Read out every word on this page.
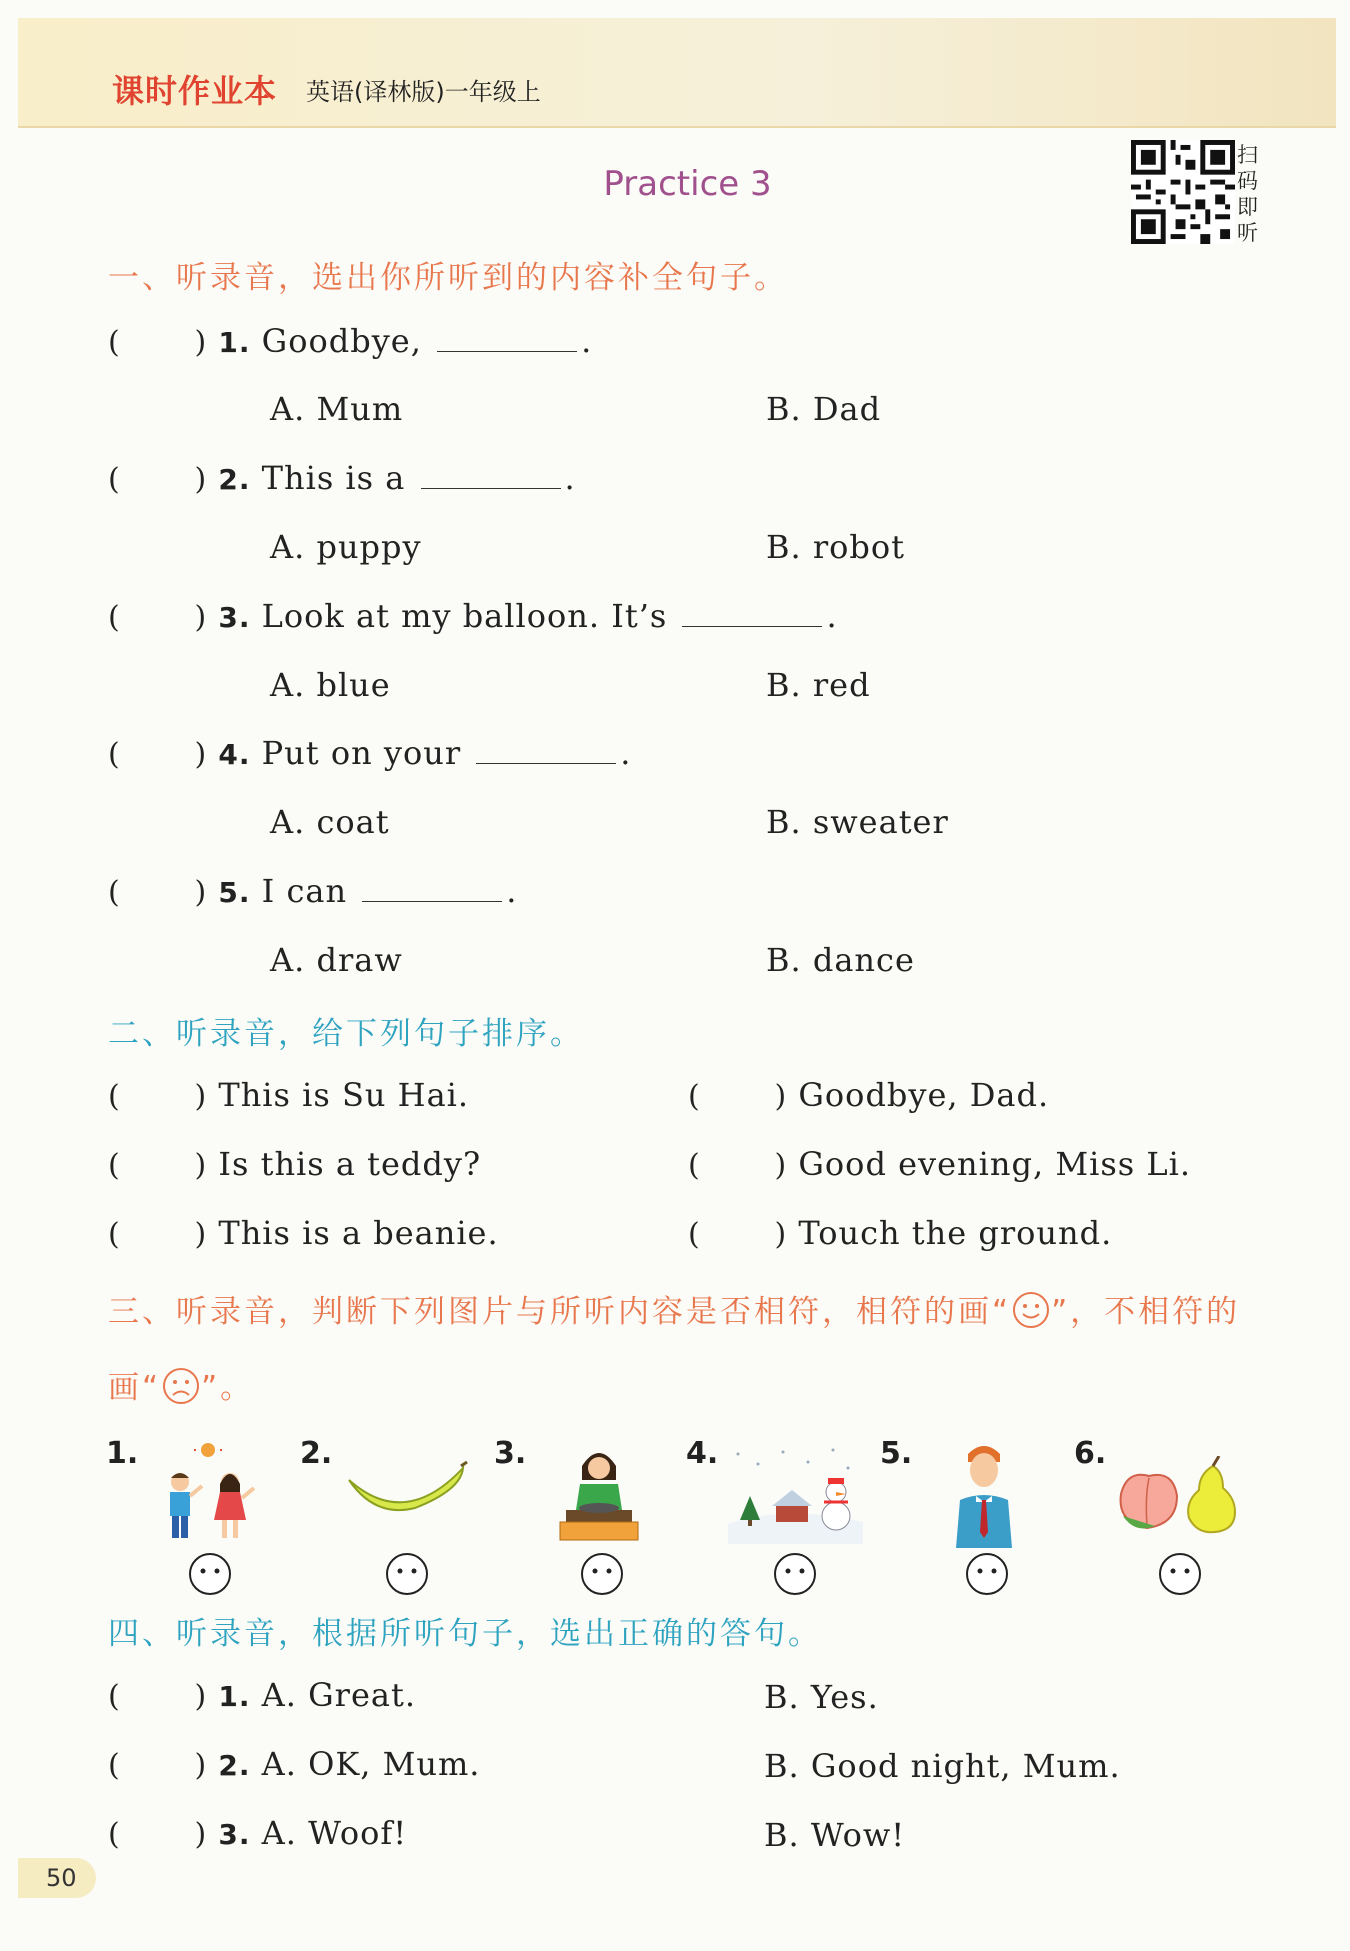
课时作业本 英语(译林版)一年级上
Practice 3
扫
码
即
听
一、听录音，选出你所听到的内容补全句子。
(       ) 1. Goodbye,	.
A. Mum	B. Dad
(       ) 2. This is a	.
A. puppy	B. robot
(       ) 3. Look at my balloon. It’s	.
A. blue	B. red
(       ) 4. Put on your	.
A. coat	B. sweater
(       ) 5. I can	.
A. draw	B. dance
二、听录音，给下列句子排序。
(       ) This is Su Hai.	(       ) Goodbye, Dad.
(       ) Is this a teddy?	(       ) Good evening, Miss Li.
(       ) This is a beanie.	(       ) Touch the ground.
三、听录音，判断下列图片与所听内容是否相符，相符的画“ ”，不相符的
画“ ”。
1.	2.	3.	4.	5.	6.
四、听录音，根据所听句子，选出正确的答句。
(       ) 1. A. Great.	B. Yes.
(       ) 2. A. OK, Mum.	B. Good night, Mum.
(       ) 3. A. Woof!	B. Wow!
50
